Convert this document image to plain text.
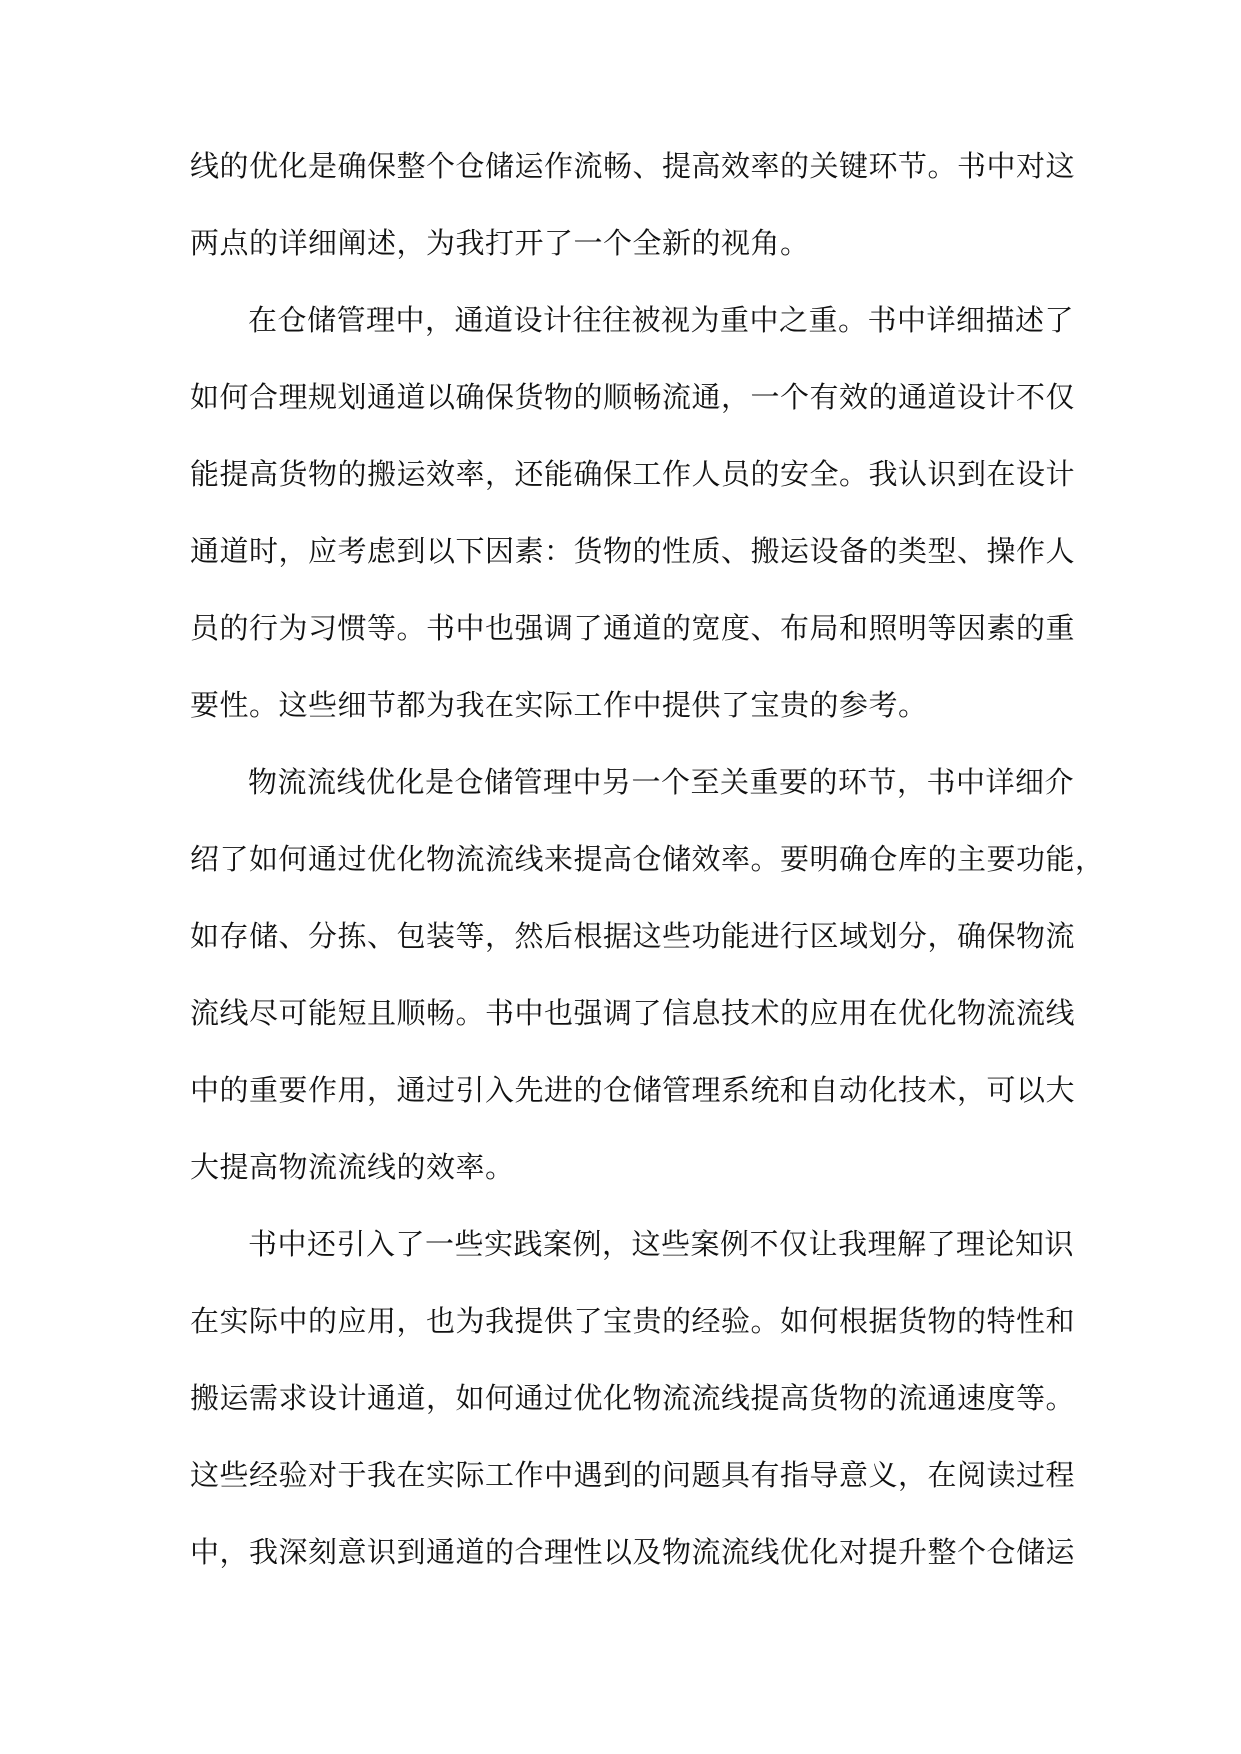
线的优化是确保整个仓储运作流畅、提高效率的关键环节。书中对这
两点的详细阐述，为我打开了一个全新的视角。
在仓储管理中，通道设计往往被视为重中之重。书中详细描述了
如何合理规划通道以确保货物的顺畅流通，一个有效的通道设计不仅
能提高货物的搬运效率，还能确保工作人员的安全。我认识到在设计
通道时，应考虑到以下因素：货物的性质、搬运设备的类型、操作人
员的行为习惯等。书中也强调了通道的宽度、布局和照明等因素的重
要性。这些细节都为我在实际工作中提供了宝贵的参考。
物流流线优化是仓储管理中另一个至关重要的环节，书中详细介
绍了如何通过优化物流流线来提高仓储效率。要明确仓库的主要功能，
如存储、分拣、包装等，然后根据这些功能进行区域划分，确保物流
流线尽可能短且顺畅。书中也强调了信息技术的应用在优化物流流线
中的重要作用，通过引入先进的仓储管理系统和自动化技术，可以大
大提高物流流线的效率。
书中还引入了一些实践案例，这些案例不仅让我理解了理论知识
在实际中的应用，也为我提供了宝贵的经验。如何根据货物的特性和
搬运需求设计通道，如何通过优化物流流线提高货物的流通速度等。
这些经验对于我在实际工作中遇到的问题具有指导意义，在阅读过程
中，我深刻意识到通道的合理性以及物流流线优化对提升整个仓储运
